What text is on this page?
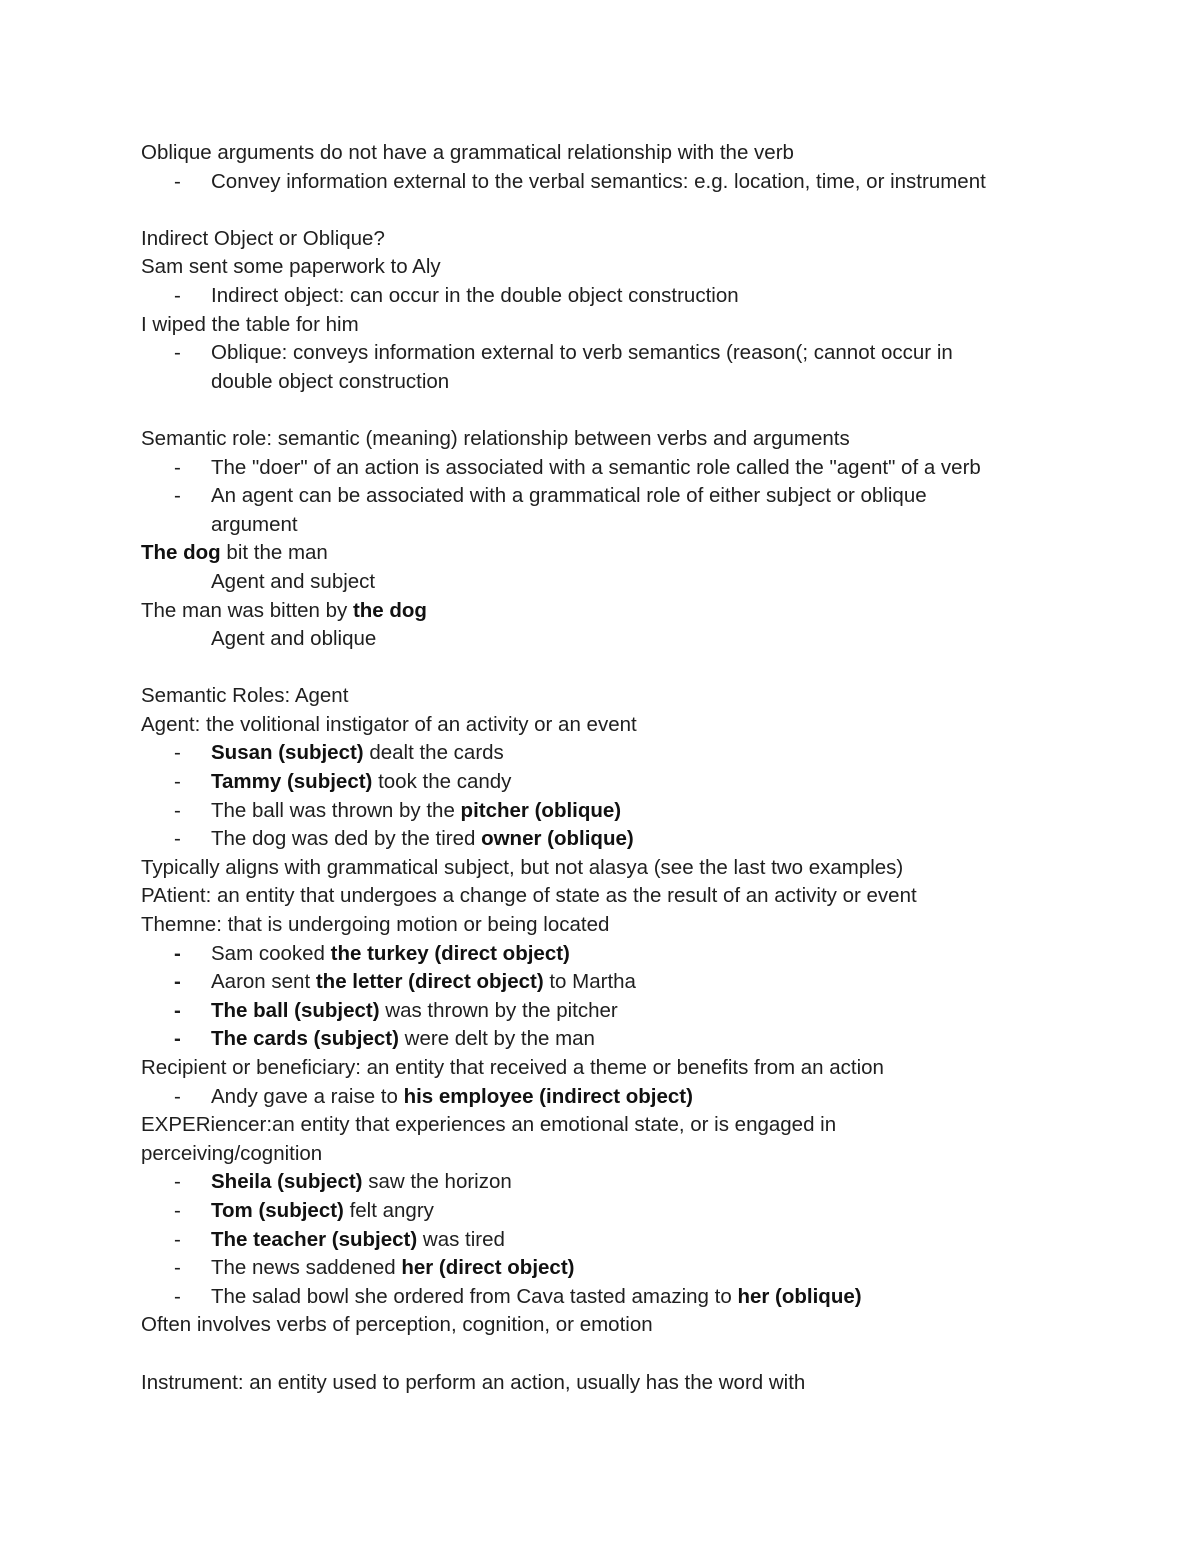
Oblique arguments do not have a grammatical relationship with the verb
- Convey information external to the verbal semantics: e.g. location, time, or instrument
Indirect Object or Oblique?
Sam sent some paperwork to Aly
- Indirect object: can occur in the double object construction
I wiped the table for him
- Oblique: conveys information external to verb semantics (reason(; cannot occur in
double object construction
Semantic role: semantic (meaning) relationship between verbs and arguments
- The "doer" of an action is associated with a semantic role called the "agent" of a verb
- An agent can be associated with a grammatical role of either subject or oblique
argument
The dog bit the man
Agent and subject
The man was bitten by the dog
Agent and oblique
Semantic Roles: Agent
Agent: the volitional instigator of an activity or an event
- Susan (subject) dealt the cards
- Tammy (subject) took the candy
- The ball was thrown by the pitcher (oblique)
- The dog was ded by the tired owner (oblique)
Typically aligns with grammatical subject, but not alasya (see the last two examples)
PAtient: an entity that undergoes a change of state as the result of an activity or event
Themne: that is undergoing motion or being located
- Sam cooked the turkey (direct object)
- Aaron sent the letter (direct object) to Martha
- The ball (subject) was thrown by the pitcher
- The cards (subject) were delt by the man
Recipient or beneficiary: an entity that received a theme or benefits from an action
- Andy gave a raise to his employee (indirect object)
EXPERiencer:an entity that experiences an emotional state, or is engaged in
perceiving/cognition
- Sheila (subject) saw the horizon
- Tom (subject) felt angry
- The teacher (subject) was tired
- The news saddened her (direct object)
- The salad bowl she ordered from Cava tasted amazing to her (oblique)
Often involves verbs of perception, cognition, or emotion
Instrument: an entity used to perform an action, usually has the word with
